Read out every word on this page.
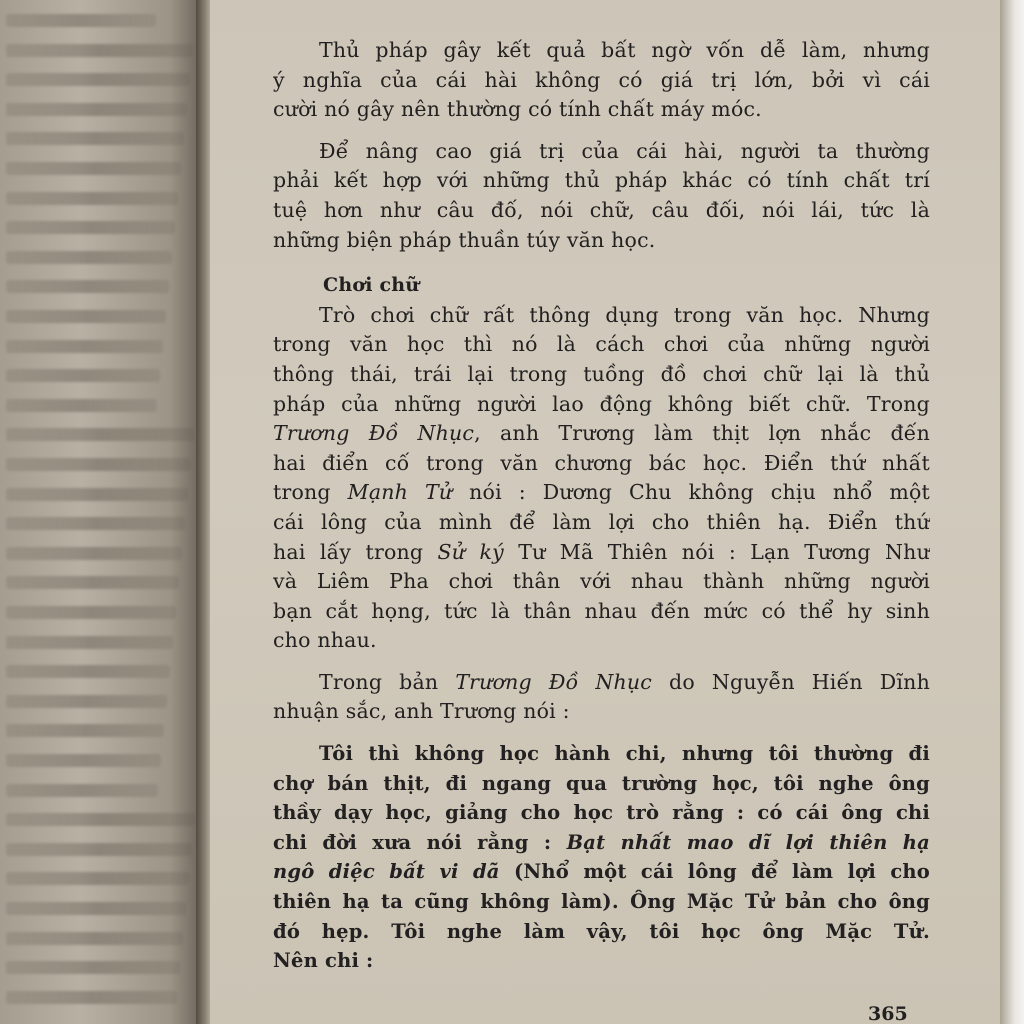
Thủ pháp gây kết quả bất ngờ vốn dễ làm, nhưng
ý nghĩa của cái hài không có giá trị lớn, bởi vì cái
cười nó gây nên thường có tính chất máy móc.
Để nâng cao giá trị của cái hài, người ta thường
phải kết hợp với những thủ pháp khác có tính chất trí
tuệ hơn như câu đố, nói chữ, câu đối, nói lái, tức là
những biện pháp thuần túy văn học.
Chơi chữ
Trò chơi chữ rất thông dụng trong văn học. Nhưng
trong văn học thì nó là cách chơi của những người
thông thái, trái lại trong tuồng đồ chơi chữ lại là thủ
pháp của những người lao động không biết chữ. Trong
Trương Đồ Nhục, anh Trương làm thịt lợn nhắc đến
hai điển cố trong văn chương bác học. Điển thứ nhất
trong Mạnh Tử nói : Dương Chu không chịu nhổ một
cái lông của mình để làm lợi cho thiên hạ. Điển thứ
hai lấy trong Sử ký Tư Mã Thiên nói : Lạn Tương Như
và Liêm Pha chơi thân với nhau thành những người
bạn cắt họng, tức là thân nhau đến mức có thể hy sinh
cho nhau.
Trong bản Trương Đồ Nhục do Nguyễn Hiến Dĩnh
nhuận sắc, anh Trương nói :
Tôi thì không học hành chi, nhưng tôi thường đi
chợ bán thịt, đi ngang qua trường học, tôi nghe ông
thầy dạy học, giảng cho học trò rằng : có cái ông chi
chi đời xưa nói rằng : Bạt nhất mao dĩ lợi thiên hạ
ngô diệc bất vi dã (Nhổ một cái lông để làm lợi cho
thiên hạ ta cũng không làm). Ông Mặc Tử bản cho ông
đó hẹp. Tôi nghe làm vậy, tôi học ông Mặc Tử.
Nên chi :
365
